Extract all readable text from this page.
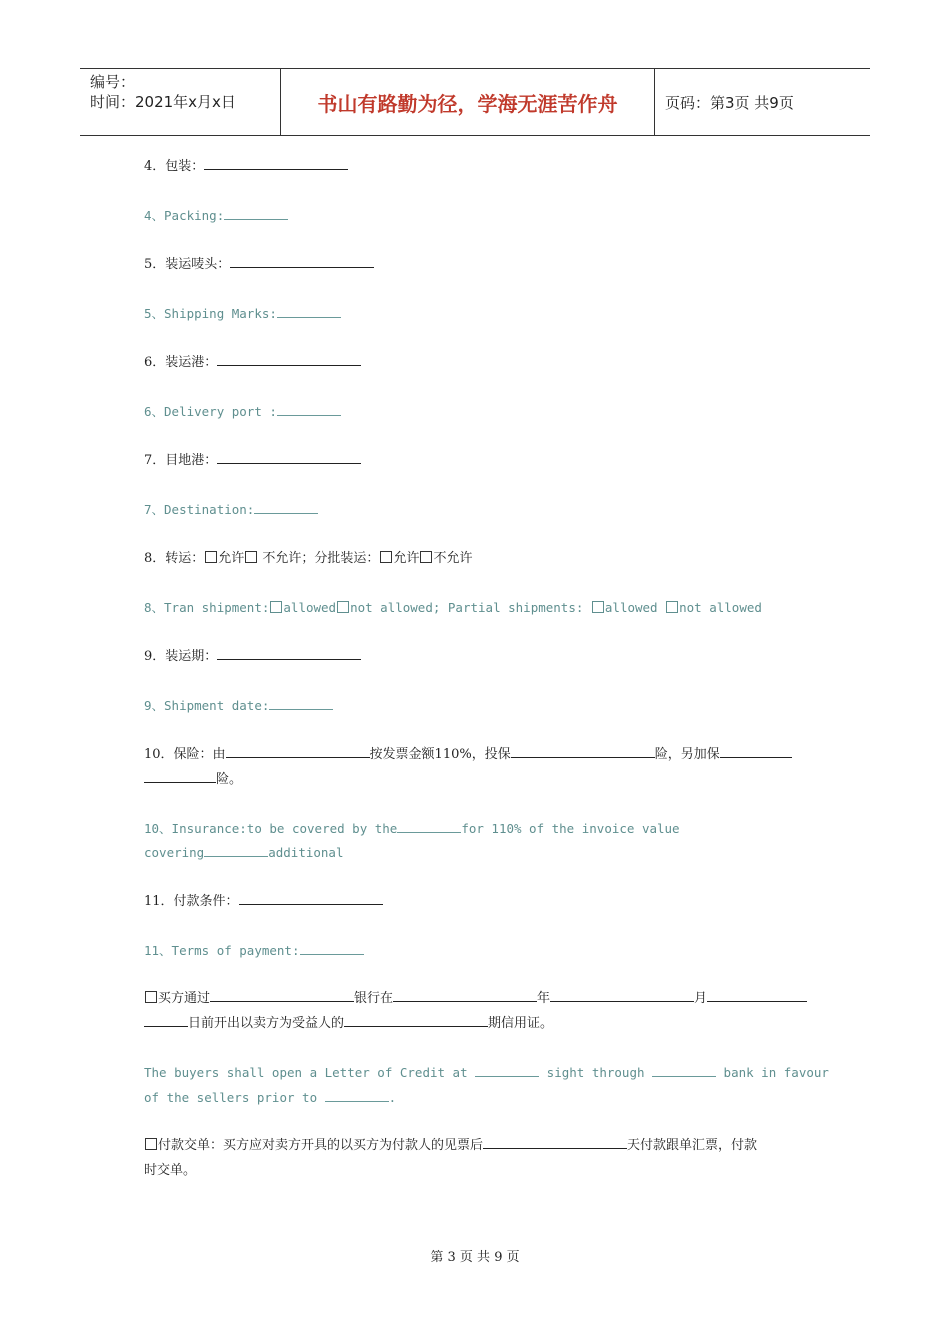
编号：
时间：2021年x月x日	书山有路勤为径，学海无涯苦作舟	页码：第3页 共9页
4．包装：
4、Packing:
5．装运唛头：
5、Shipping Marks:
6．装运港：
6、Delivery port :
7．目地港：
7、Destination:
8．转运： 允许 不允许；分批装运： 允许 不允许
8、Tran shipment: allowed not allowed; Partial shipments: allowed not allowed
9．装运期：
9、Shipment date:
10．保险：由	按发票金额110%，投保	险，另加保
险。
10、Insurance:to be covered by the	for 110% of the invoice value
covering	additional
11．付款条件：
11、Terms of payment:
买方通过	银行在	年	月
日前开出以卖方为受益人的	期信用证。
The buyers shall open a Letter of Credit at	sight through	bank in favour
of the sellers prior to	.
付款交单：买方应对卖方开具的以买方为付款人的见票后	天付款跟单汇票，付款
时交单。
第 3 页 共 9 页
